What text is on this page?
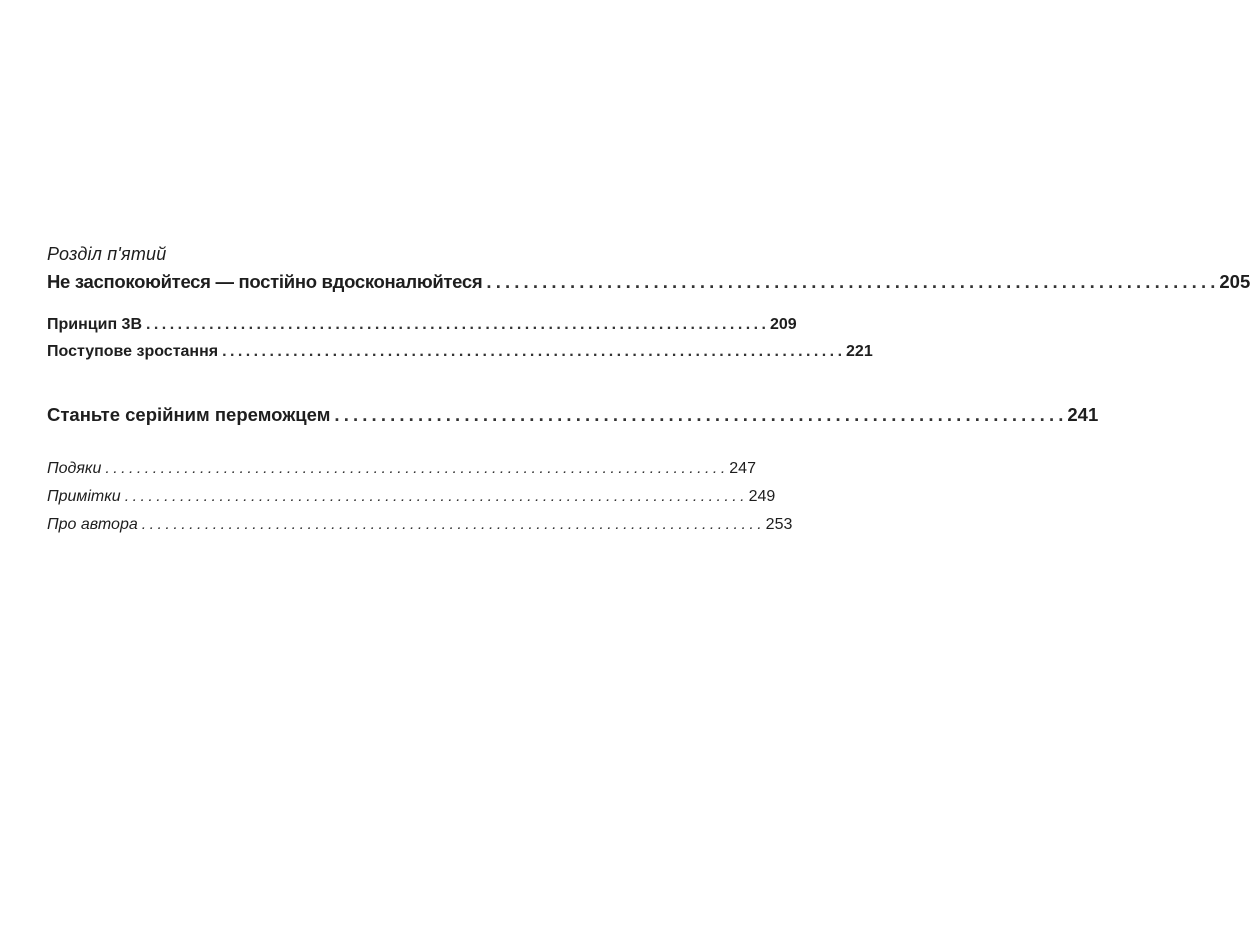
Розділ п'ятий
Не заспокоюйтеся — постійно вдосконалюйтеся . . .	205
Принцип 3В . . .	209
Поступове зростання . . .	221
Станьте серійним переможцем . . .	241
Подяки . . .	247
Примітки . . .	249
Про автора . . .	253
